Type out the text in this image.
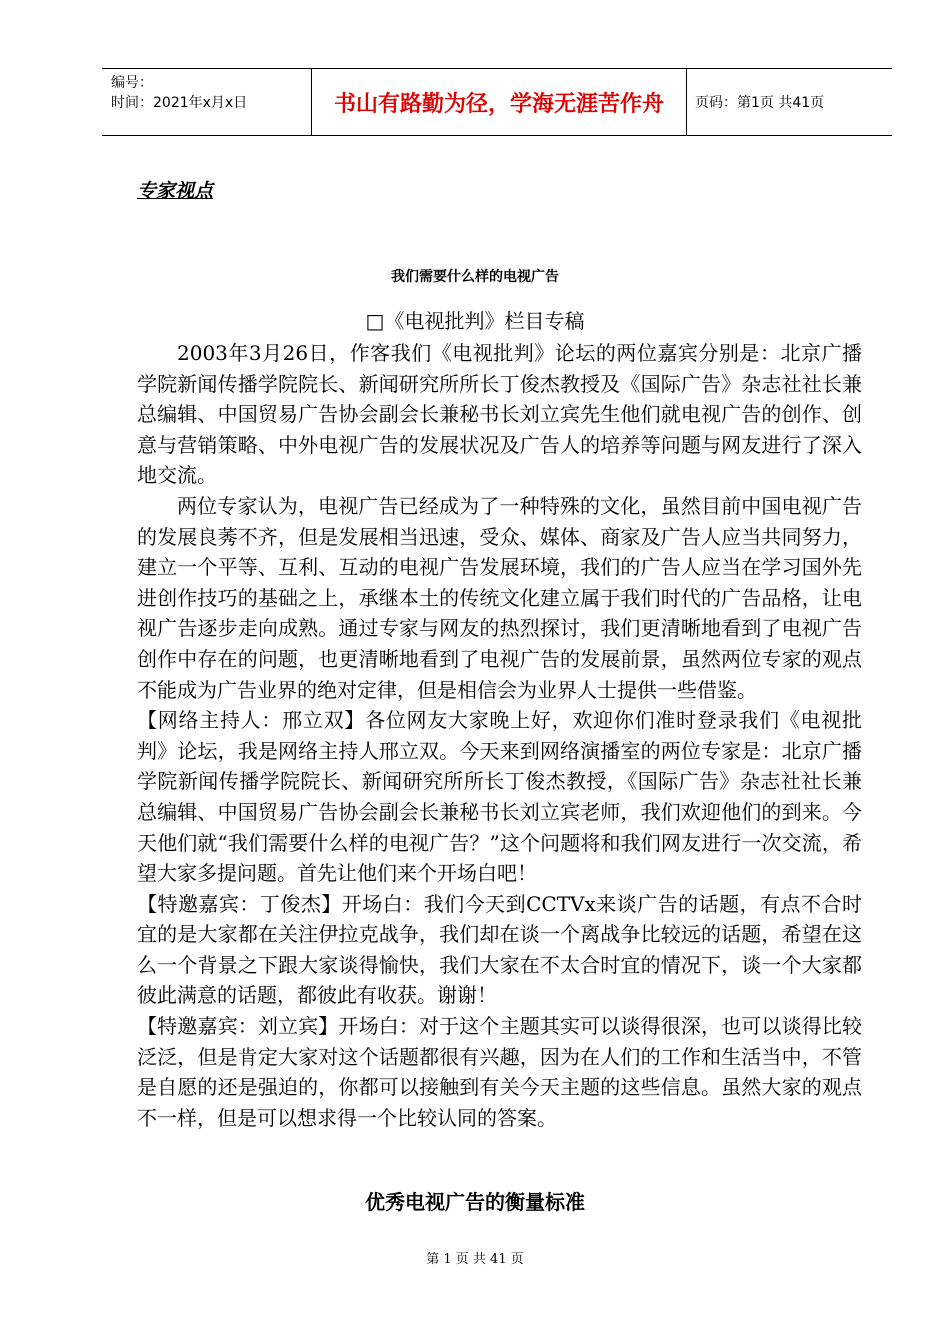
编号：
时间：2021年x月x日	书山有路勤为径，学海无涯苦作舟	页码：第1页 共41页
专家视点
我们需要什么样的电视广告
□《电视批判》栏目专稿

2003年3月26日，作客我们《电视批判》论坛的两位嘉宾分别是：北京广播学院新闻传播学院院长、新闻研究所所长丁俊杰教授及《国际广告》杂志社社长兼总编辑、中国贸易广告协会副会长兼秘书长刘立宾先生他们就电视广告的创作、创意与营销策略、中外电视广告的发展状况及广告人的培养等问题与网友进行了深入地交流。

两位专家认为，电视广告已经成为了一种特殊的文化，虽然目前中国电视广告的发展良莠不齐，但是发展相当迅速，受众、媒体、商家及广告人应当共同努力，建立一个平等、互利、互动的电视广告发展环境，我们的广告人应当在学习国外先进创作技巧的基础之上，承继本土的传统文化建立属于我们时代的广告品格，让电视广告逐步走向成熟。通过专家与网友的热烈探讨，我们更清晰地看到了电视广告创作中存在的问题，也更清晰地看到了电视广告的发展前景，虽然两位专家的观点不能成为广告业界的绝对定律，但是相信会为业界人士提供一些借鉴。

【网络主持人：邢立双】各位网友大家晚上好，欢迎你们准时登录我们《电视批判》论坛，我是网络主持人邢立双。今天来到网络演播室的两位专家是：北京广播学院新闻传播学院院长、新闻研究所所长丁俊杰教授，《国际广告》杂志社社长兼总编辑、中国贸易广告协会副会长兼秘书长刘立宾老师，我们欢迎他们的到来。今天他们就“我们需要什么样的电视广告？”这个问题将和我们网友进行一次交流，希望大家多提问题。首先让他们来个开场白吧！

【特邀嘉宾：丁俊杰】开场白：我们今天到CCTVx来谈广告的话题，有点不合时宜的是大家都在关注伊拉克战争，我们却在谈一个离战争比较远的话题，希望在这么一个背景之下跟大家谈得愉快，我们大家在不太合时宜的情况下，谈一个大家都彼此满意的话题，都彼此有收获。谢谢！

【特邀嘉宾：刘立宾】开场白：对于这个主题其实可以谈得很深，也可以谈得比较泛泛，但是肯定大家对这个话题都很有兴趣，因为在人们的工作和生活当中，不管是自愿的还是强迫的，你都可以接触到有关今天主题的这些信息。虽然大家的观点不一样，但是可以想求得一个比较认同的答案。

优秀电视广告的衡量标准
第 1 页 共 41 页
